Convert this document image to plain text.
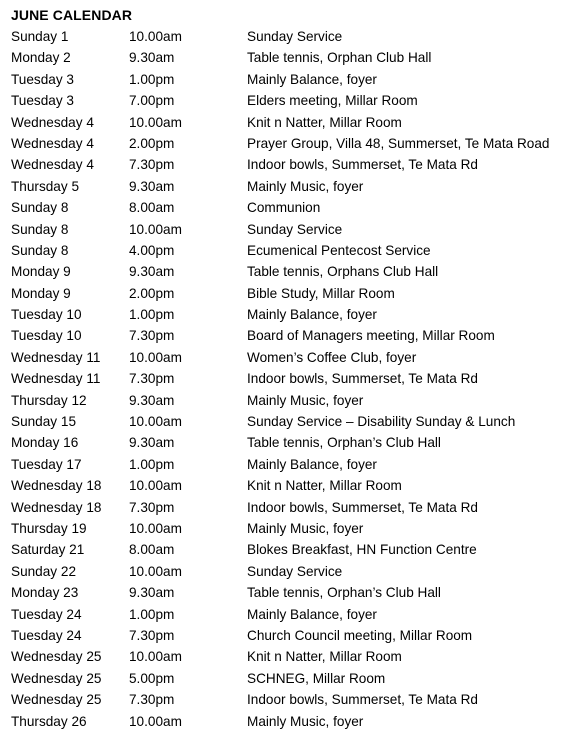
JUNE CALENDAR
Sunday 1	10.00am	Sunday Service
Monday 2	9.30am	Table tennis, Orphan Club Hall
Tuesday 3	1.00pm	Mainly Balance, foyer
Tuesday 3	7.00pm	Elders meeting, Millar Room
Wednesday 4	10.00am	Knit n Natter, Millar Room
Wednesday 4	2.00pm	Prayer Group, Villa 48, Summerset, Te Mata Road
Wednesday 4	7.30pm	Indoor bowls, Summerset, Te Mata Rd
Thursday 5	9.30am	Mainly Music, foyer
Sunday 8	8.00am	Communion
Sunday 8	10.00am	Sunday Service
Sunday 8	4.00pm	Ecumenical Pentecost Service
Monday 9	9.30am	Table tennis, Orphans Club Hall
Monday 9	2.00pm	Bible Study, Millar Room
Tuesday 10	1.00pm	Mainly Balance, foyer
Tuesday 10	7.30pm	Board of Managers meeting, Millar Room
Wednesday 11	10.00am	Women’s Coffee Club, foyer
Wednesday 11	7.30pm	Indoor bowls, Summerset, Te Mata Rd
Thursday 12	9.30am	Mainly Music, foyer
Sunday 15	10.00am	Sunday Service – Disability Sunday & Lunch
Monday 16	9.30am	Table tennis, Orphan’s Club Hall
Tuesday 17	1.00pm	Mainly Balance, foyer
Wednesday 18	10.00am	Knit n Natter, Millar Room
Wednesday 18	7.30pm	Indoor bowls, Summerset, Te Mata Rd
Thursday 19	10.00am	Mainly Music, foyer
Saturday 21	8.00am	Blokes Breakfast, HN Function Centre
Sunday 22	10.00am	Sunday Service
Monday 23	9.30am	Table tennis, Orphan’s Club Hall
Tuesday 24	1.00pm	Mainly Balance, foyer
Tuesday 24	7.30pm	Church Council meeting, Millar Room
Wednesday 25	10.00am	Knit n Natter, Millar Room
Wednesday 25	5.00pm	SCHNEG, Millar Room
Wednesday 25	7.30pm	Indoor bowls, Summerset, Te Mata Rd
Thursday 26	10.00am	Mainly Music, foyer
